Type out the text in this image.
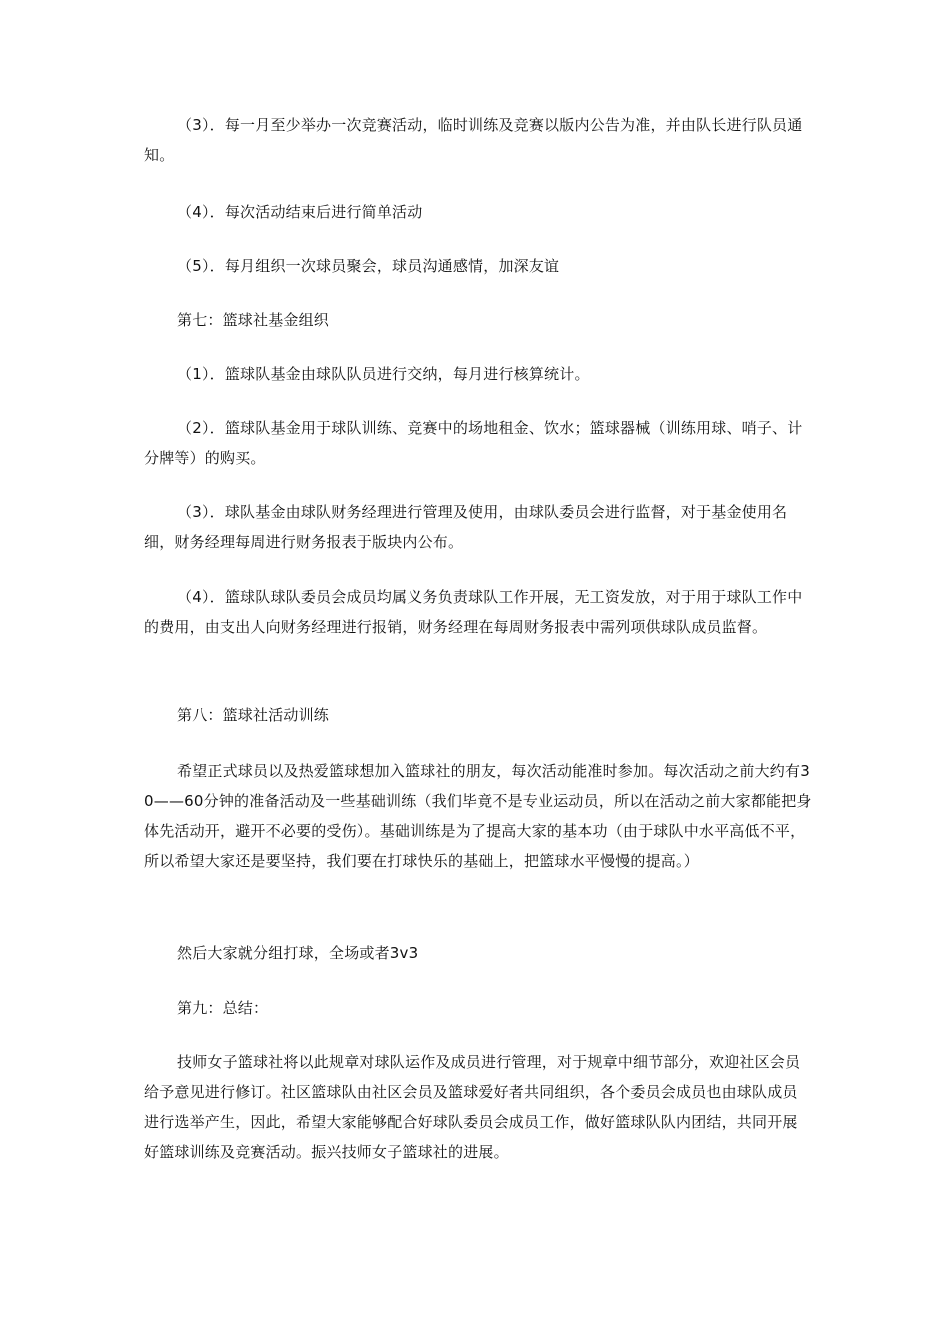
（3）．每一月至少举办一次竞赛活动，临时训练及竞赛以版内公告为准，并由队长进行队员通知。

（4）．每次活动结束后进行简单活动

（5）．每月组织一次球员聚会，球员沟通感情，加深友谊

第七：篮球社基金组织

（1）．篮球队基金由球队队员进行交纳，每月进行核算统计。

（2）．篮球队基金用于球队训练、竞赛中的场地租金、饮水；篮球器械（训练用球、哨子、计分牌等）的购买。

（3）．球队基金由球队财务经理进行管理及使用，由球队委员会进行监督，对于基金使用名细，财务经理每周进行财务报表于版块内公布。

（4）．篮球队球队委员会成员均属义务负责球队工作开展，无工资发放，对于用于球队工作中的费用，由支出人向财务经理进行报销，财务经理在每周财务报表中需列项供球队成员监督。

第八：篮球社活动训练

希望正式球员以及热爱篮球想加入篮球社的朋友，每次活动能准时参加。每次活动之前大约有30——60分钟的准备活动及一些基础训练（我们毕竟不是专业运动员，所以在活动之前大家都能把身体先活动开，避开不必要的受伤）。基础训练是为了提高大家的基本功（由于球队中水平高低不平，所以希望大家还是要坚持，我们要在打球快乐的基础上，把篮球水平慢慢的提高。）

然后大家就分组打球，全场或者3v3

第九：总结：

技师女子篮球社将以此规章对球队运作及成员进行管理，对于规章中细节部分，欢迎社区会员给予意见进行修订。社区篮球队由社区会员及篮球爱好者共同组织，各个委员会成员也由球队成员进行选举产生，因此，希望大家能够配合好球队委员会成员工作，做好篮球队队内团结，共同开展好篮球训练及竞赛活动。振兴技师女子篮球社的进展。
